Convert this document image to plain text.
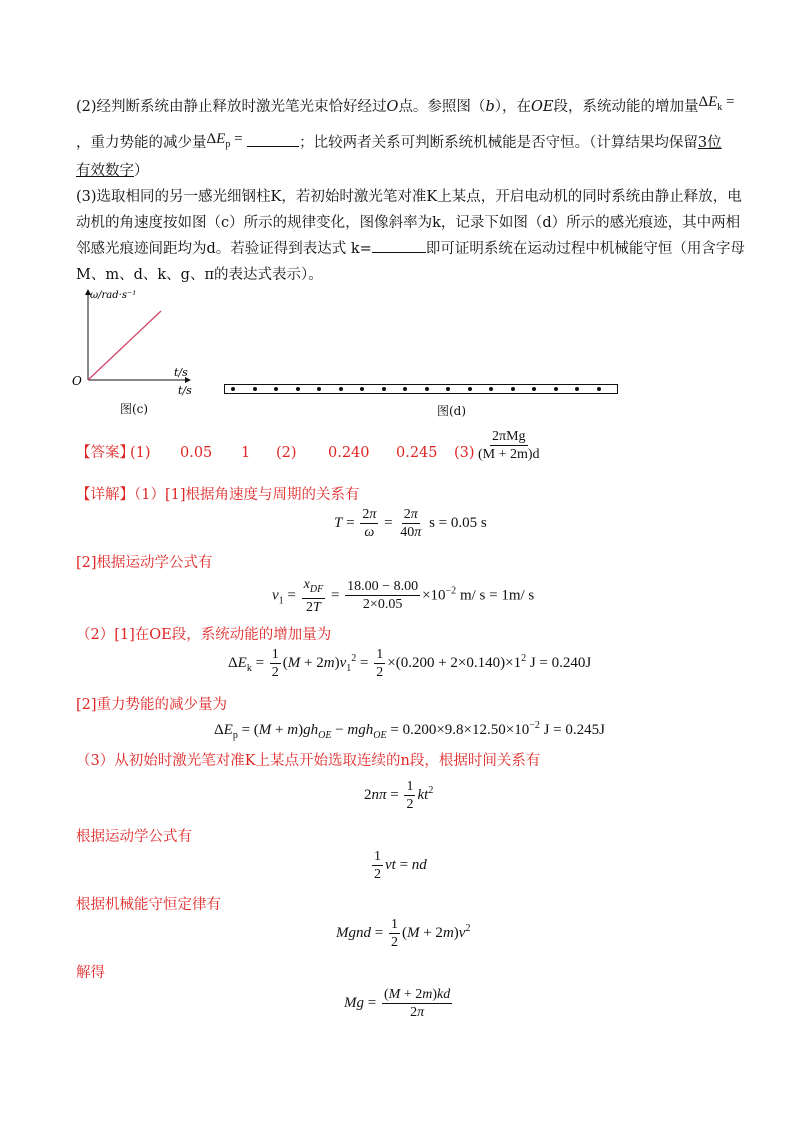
(2)经判断系统由静止释放时激光笔光束恰好经过O点。参照图（b），在OE段，系统动能的增加量$\Delta E_k$ =
，重力势能的减少量$\Delta E_p$ =	；比较两者关系可判断系统机械能是否守恒。（计算结果均保留3位
有效数字）
(3)选取相同的另一感光细钢柱K，若初始时激光笔对准K上某点，开启电动机的同时系统由静止释放，电
动机的角速度按如图（c）所示的规律变化，图像斜率为k，记录下如图（d）所示的感光痕迹，其中两相
邻感光痕迹间距均为d。若验证得到表达式 k=	即可证明系统在运动过程中机械能守恒（用含字母
M、m、d、k、g、π的表达式表示）。
ω/rad·s⁻¹
t/s
O
t/s
图(c)	图(d)
【答案】
(1) 0.05 1 (2) 0.240 0.245 $(3) \frac{\text{2πMg}}{(M + 2m)d}$
【详解】（1）[1]根据角速度与周期的关系有
$T = \frac{2\pi}{\omega} = \frac{2\pi}{40\pi}$ s = 0.05 s
[2]根据运动学公式有
$v_1 = \frac{x_{DF}}{2T} = \frac{18.00 - 8.00}{2\times 0.05} \times 10^{-2}$ m/ s = 1m/ s
（2）[1]在OE段，系统动能的增加量为
$\Delta E_k = \frac{1}{2} (M + 2m)v_1^2 = \frac{1}{2} \times(0.200 + 2\times 0.140)\times 1^2$ J = 0.240J
[2]重力势能的减少量为
$\Delta E_p = (M + m)gh_{OE} - mgh_{OE} = 0.200\times 9.8\times 12.50\times 10^{-2}$ J = 0.245J
（3）从初始时激光笔对准K上某点开始选取连续的n段，根据时间关系有
$2n\pi = \frac{1}{2} kt^2$
根据运动学公式有
$\frac{1}{2}$ vt = nd
根据机械能守恒定律有
Mgnd = $\frac{1}{2} (M + 2m)v^2$
解得
$Mg = \frac{(M + 2m)kd}{2\pi}$
